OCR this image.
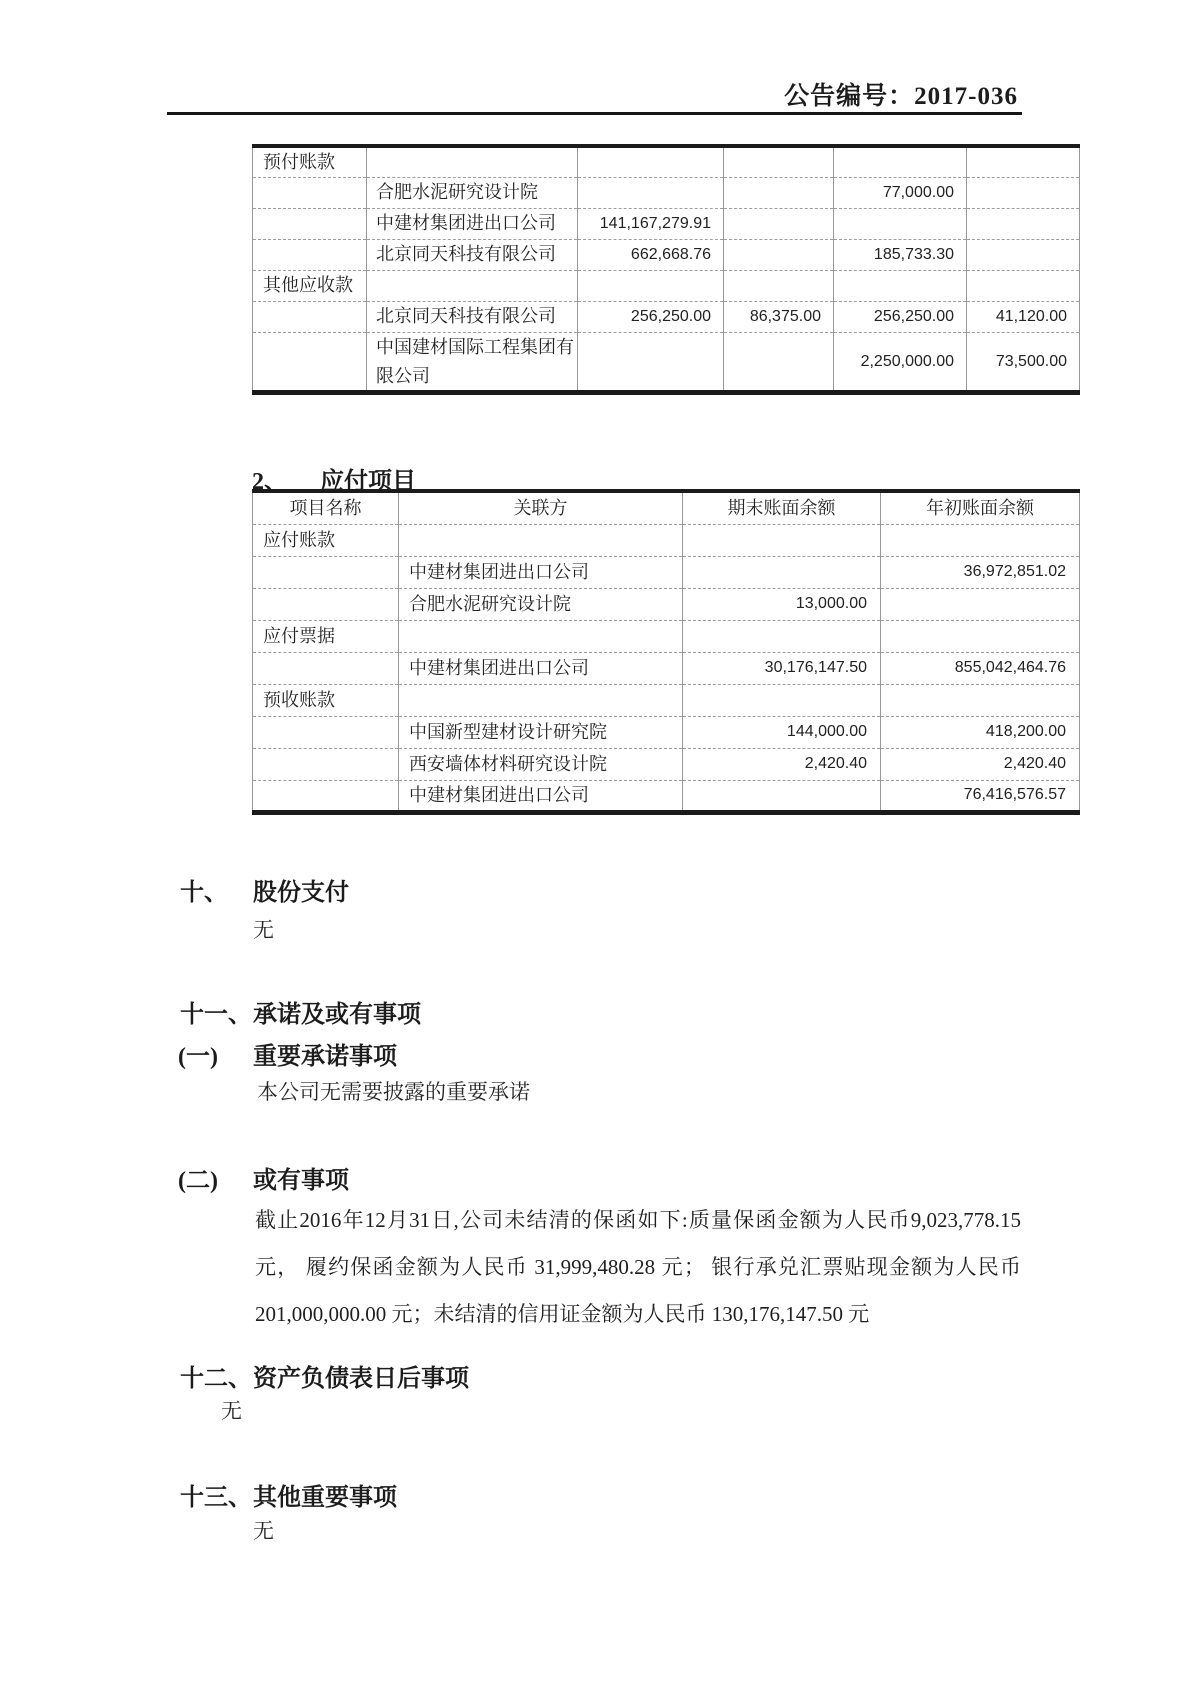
公告编号：2017-036
预付账款					
	合肥水泥研究设计院			77,000.00	
	中建材集团进出口公司	141,167,279.91			
	北京同天科技有限公司	662,668.76		185,733.30	
其他应收款					
	北京同天科技有限公司	256,250.00	86,375.00	256,250.00	41,120.00
	中国建材国际工程集团有限公司			2,250,000.00	73,500.00
2、 应付项目
项目名称	关联方	期末账面余额	年初账面余额
应付账款			
	中建材集团进出口公司		36,972,851.02
	合肥水泥研究设计院	13,000.00	
应付票据			
	中建材集团进出口公司	30,176,147.50	855,042,464.76
预收账款			
	中国新型建材设计研究院	144,000.00	418,200.00
	西安墙体材料研究设计院	2,420.40	2,420.40
	中建材集团进出口公司		76,416,576.57
十、 股份支付
无
十一、 承诺及或有事项
(一) 重要承诺事项
本公司无需要披露的重要承诺
(二) 或有事项
截止2016年12月31日,公司未结清的保函如下:质量保函金额为人民币9,023,778.15元， 履约保函金额为人民币 31,999,480.28 元； 银行承兑汇票贴现金额为人民币201,000,000.00 元；未结清的信用证金额为人民币 130,176,147.50 元
十二、 资产负债表日后事项
无
十三、 其他重要事项
无
